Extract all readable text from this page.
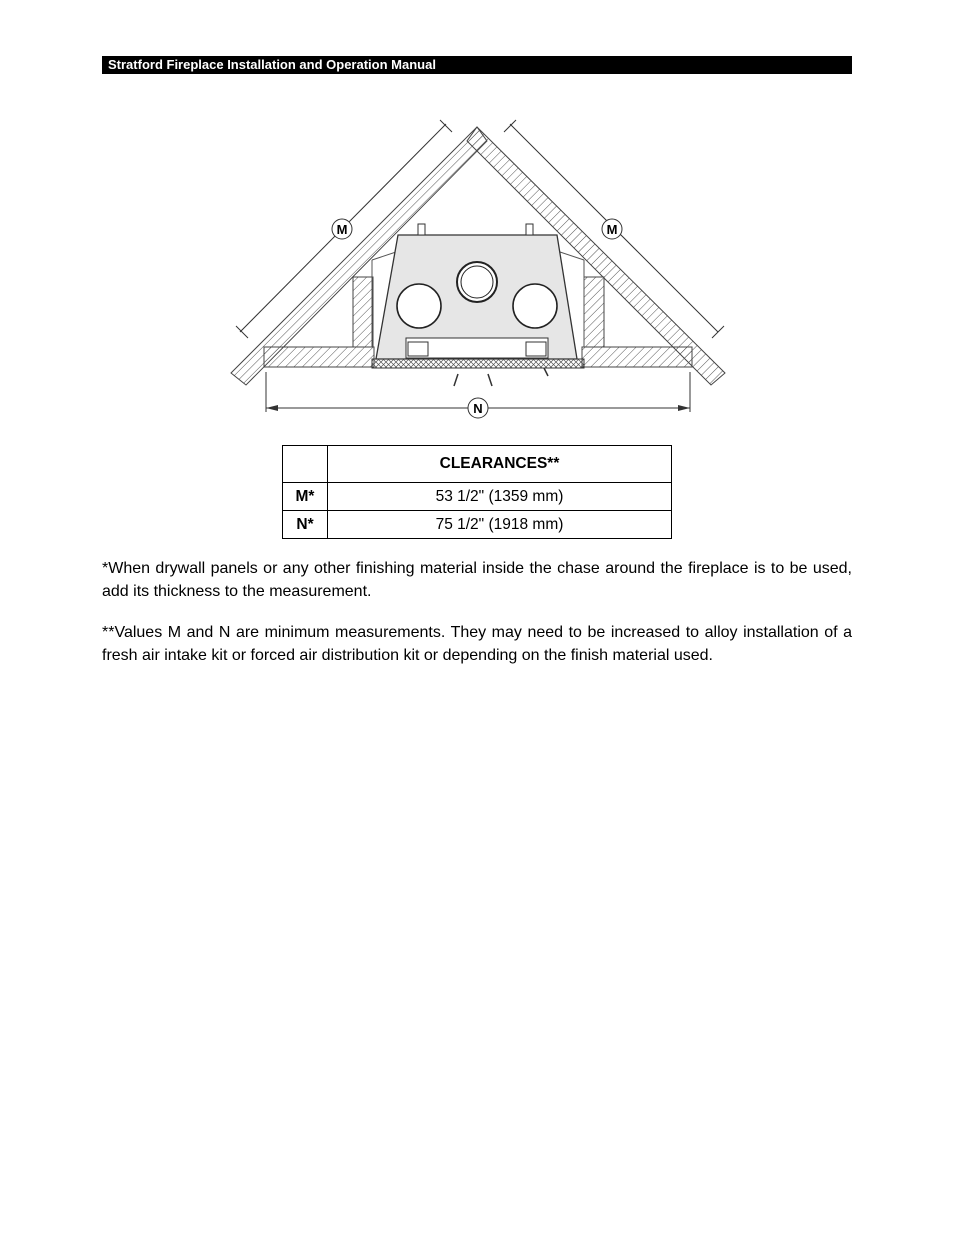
Stratford Fireplace Installation and Operation Manual
M	M
N
	CLEARANCES**
M*	53 1/2" (1359 mm)
N*	75 1/2" (1918 mm)

*When drywall panels or any other finishing material inside the chase around the fireplace is to be used, add its thickness to the measurement.

**Values M and N are minimum measurements. They may need to be increased to alloy installation of a fresh air intake kit or forced air distribution kit or depending on the finish material used.
